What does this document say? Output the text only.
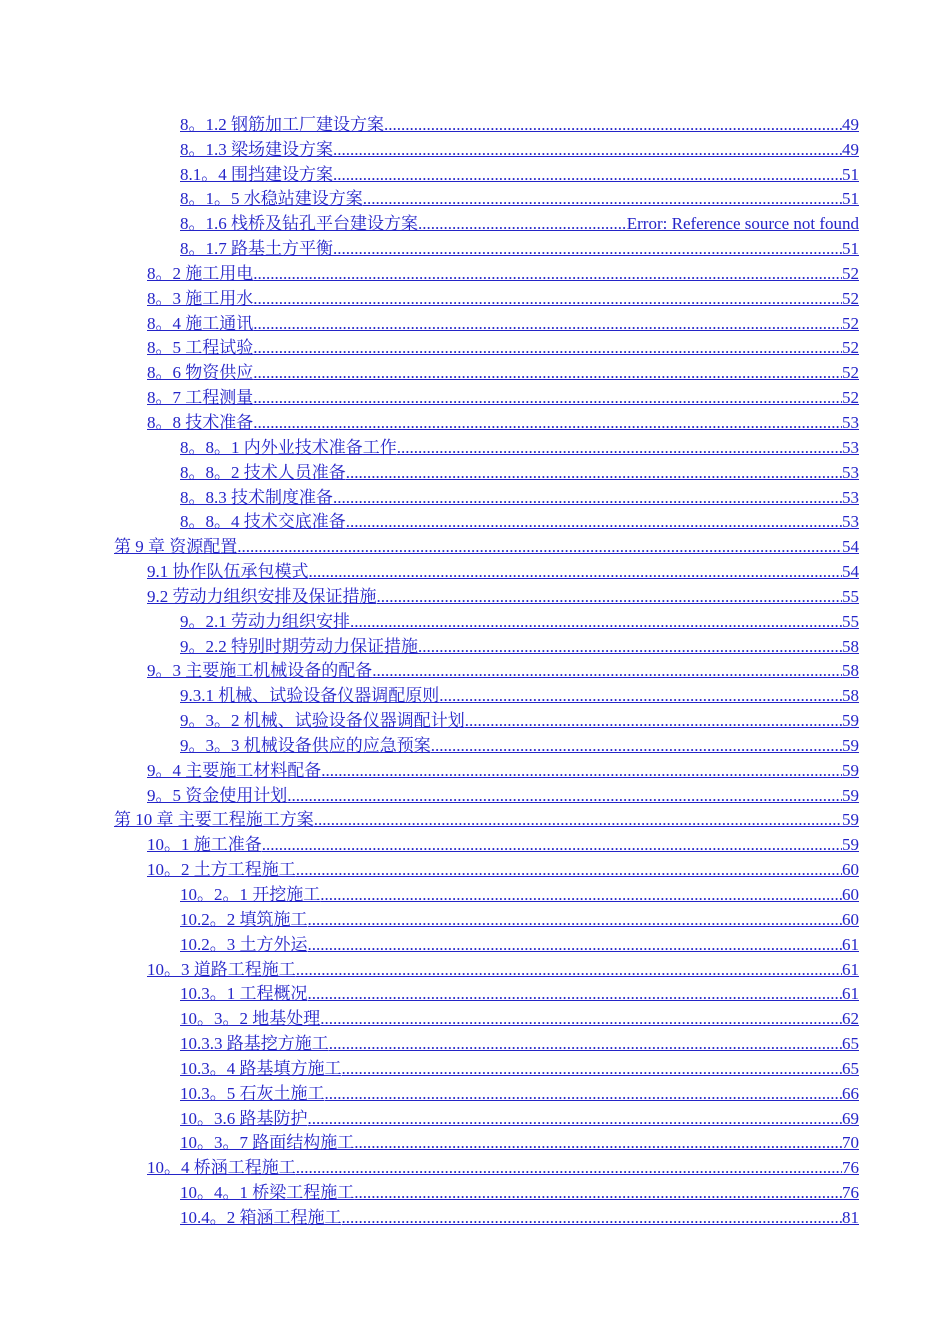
8。1.2 钢筋加工厂建设方案 .....	49
8。1.3 梁场建设方案 .....	49
8.1。4 围挡建设方案 .....	51
8。1。5 水稳站建设方案 .....	51
8。1.6 栈桥及钻孔平台建设方案 .....	Error: Reference source not found
8。1.7 路基土方平衡 .....	51
8。2 施工用电 .....	52
8。3 施工用水 .....	52
8。4 施工通讯 .....	52
8。5 工程试验 .....	52
8。6 物资供应 .....	52
8。7 工程测量 .....	52
8。8 技术准备 .....	53
8。8。1 内外业技术准备工作 .....	53
8。8。2 技术人员准备 .....	53
8。8.3 技术制度准备 .....	53
8。8。4 技术交底准备 .....	53
第 9 章 资源配置 .....	54
9.1 协作队伍承包模式 .....	54
9.2 劳动力组织安排及保证措施 .....	55
9。2.1 劳动力组织安排 .....	55
9。2.2 特别时期劳动力保证措施 .....	58
9。3 主要施工机械设备的配备 .....	58
9.3.1 机械、试验设备仪器调配原则 .....	58
9。3。2 机械、试验设备仪器调配计划 .....	59
9。3。3 机械设备供应的应急预案 .....	59
9。4 主要施工材料配备 .....	59
9。5 资金使用计划 .....	59
第 10 章 主要工程施工方案 .....	59
10。1 施工准备 .....	59
10。2 土方工程施工 .....	60
10。2。1 开挖施工 .....	60
10.2。2 填筑施工 .....	60
10.2。3 土方外运 .....	61
10。3 道路工程施工 .....	61
10.3。1 工程概况 .....	61
10。3。2 地基处理 .....	62
10.3.3 路基挖方施工 .....	65
10.3。4 路基填方施工 .....	65
10.3。5 石灰土施工 .....	66
10。3.6 路基防护 .....	69
10。3。7 路面结构施工 .....	70
10。4 桥涵工程施工 .....	76
10。4。1 桥梁工程施工 .....	76
10.4。2 箱涵工程施工 .....	81
